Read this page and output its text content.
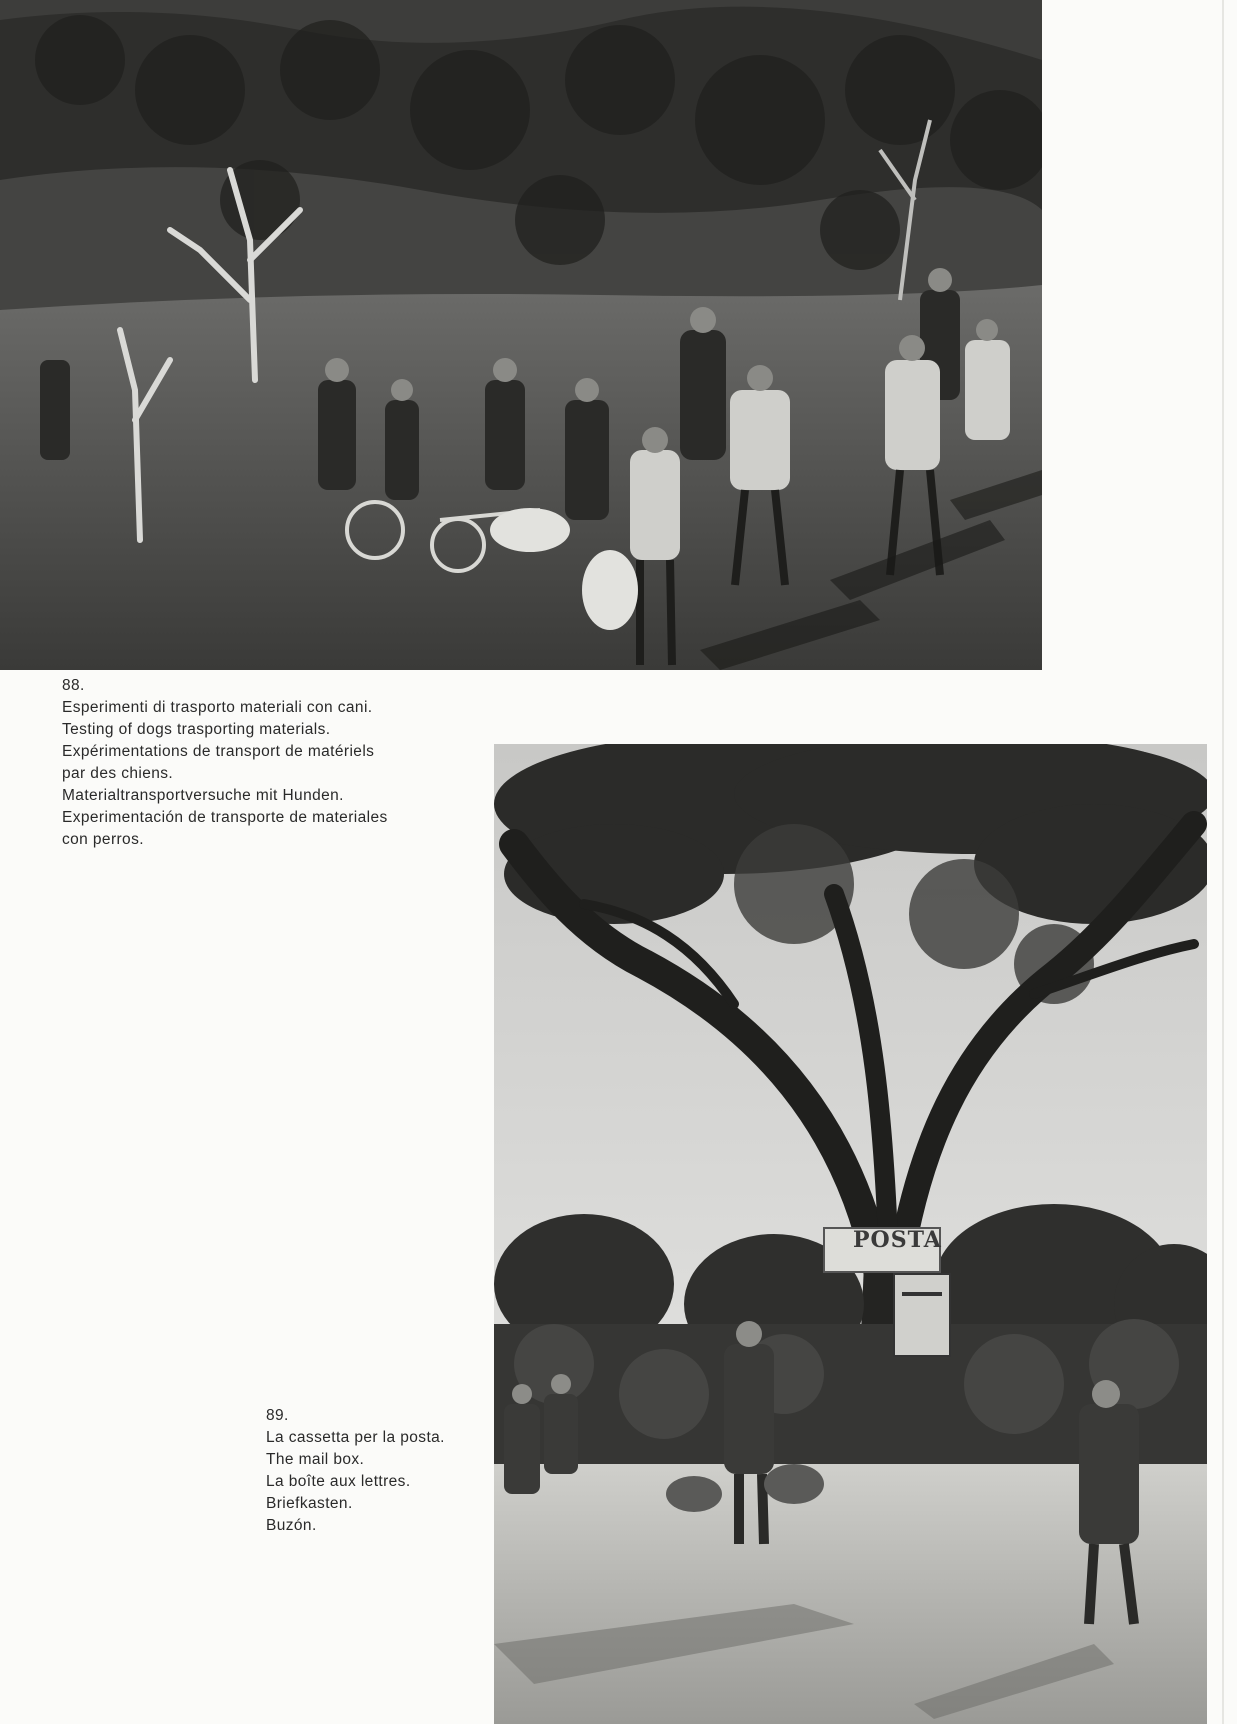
88.
Esperimenti di trasporto materiali con cani.
Testing of dogs trasporting materials.
Expérimentations de transport de matériels
par des chiens.
Materialtransportversuche mit Hunden.
Experimentación de transporte de materiales
con perros.
POSTA
89.
La cassetta per la posta.
The mail box.
La boîte aux lettres.
Briefkasten.
Buzón.
